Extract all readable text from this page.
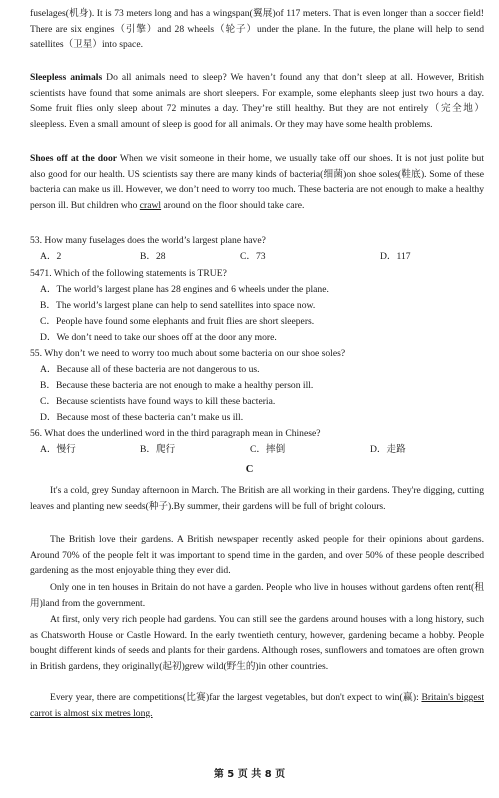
fuselages(机身). It is 73 meters long and has a wingspan(翼展)of 117 meters. That is even longer than a soccer field! There are six engines（引擎）and 28 wheels（轮子）under the plane. In the future, the plane will help to send satellites（卫星）into space.

Sleepless animals Do all animals need to sleep? We haven’t found any that don’t sleep at all. However, British scientists have found that some animals are short sleepers. For example, some elephants sleep just two hours a day. Some fruit flies only sleep about 72 minutes a day. They’re still healthy. But they are not entirely（完全地）sleepless. Even a small amount of sleep is good for all animals. Or they may have some health problems.

Shoes off at the door When we visit someone in their home, we usually take off our shoes. It is not just polite but also good for our health. US scientists say there are many kinds of bacteria(细菌)on shoe soles(鞋底). Some of these bacteria can make us ill. However, we don’t need to worry too much. These bacteria are not enough to make a healthy person ill. But children who crawl around on the floor should take care.

53. How many fuselages does the world’s largest plane have?
A．2	B．28	C．73	D．117
5471. Which of the following statements is TRUE?
A．The world’s largest plane has 28 engines and 6 wheels under the plane.
B．The world’s largest plane can help to send satellites into space now.
C．People have found some elephants and fruit flies are short sleepers.
D．We don’t need to take our shoes off at the door any more.
55. Why don’t we need to worry too much about some bacteria on our shoe soles?
A．Because all of these bacteria are not dangerous to us.
B．Because these bacteria are not enough to make a healthy person ill.
C．Because scientists have found ways to kill these bacteria.
D．Because most of these bacteria can’t make us ill.
56. What does the underlined word in the third paragraph mean in Chinese?
A．慢行	B．爬行	C．摔倒	D．走路
C

It's a cold, grey Sunday afternoon in March. The British are all working in their gardens. They're digging, cutting leaves and planting new seeds(种子).By summer, their gardens will be full of bright colours.

The British love their gardens. A British newspaper recently asked people for their opinions about gardens. Around 70% of the people felt it was important to spend time in the garden, and over 50% of these people described gardening as the most enjoyable thing they ever did.

Only one in ten houses in Britain do not have a garden. People who live in houses without gardens often rent(租用)land from the government.

At first, only very rich people had gardens. You can still see the gardens around houses with a long history, such as Chatsworth House or Castle Howard. In the early twentieth century, however, gardening became a hobby. People bought different kinds of seeds and plants for their gardens. Although roses, sunflowers and tomatoes are often grown in British gardens, they originally(起初)grew wild(野生的)in other countries.

Every year, there are competitions(比赛)far the largest vegetables, but don't expect to win(赢): Britain's biggest carrot is almost six metres long.

第 5 页 共 8 页
